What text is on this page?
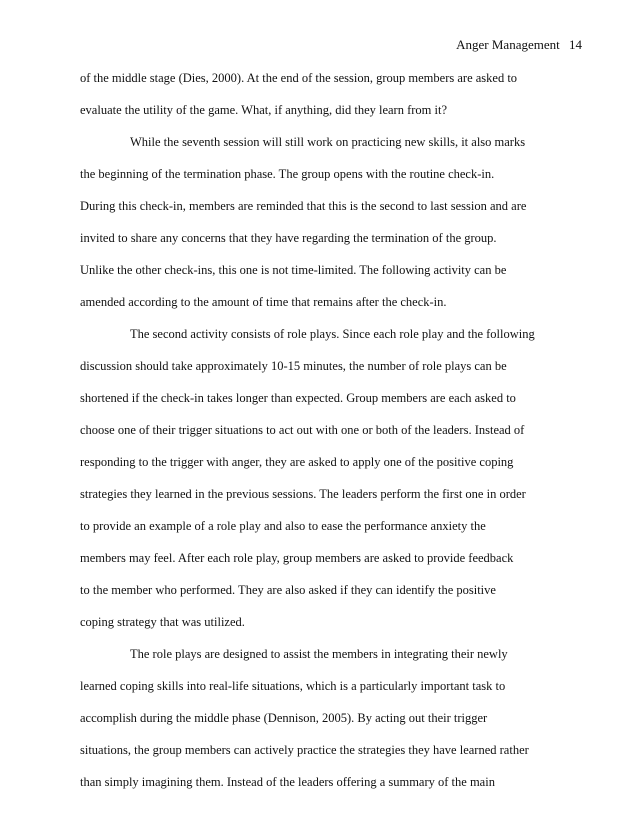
Anger Management 14
of the middle stage (Dies, 2000). At the end of the session, group members are asked to
evaluate the utility of the game. What, if anything, did they learn from it?
While the seventh session will still work on practicing new skills, it also marks
the beginning of the termination phase. The group opens with the routine check-in.
During this check-in, members are reminded that this is the second to last session and are
invited to share any concerns that they have regarding the termination of the group.
Unlike the other check-ins, this one is not time-limited. The following activity can be
amended according to the amount of time that remains after the check-in.
The second activity consists of role plays. Since each role play and the following
discussion should take approximately 10-15 minutes, the number of role plays can be
shortened if the check-in takes longer than expected. Group members are each asked to
choose one of their trigger situations to act out with one or both of the leaders. Instead of
responding to the trigger with anger, they are asked to apply one of the positive coping
strategies they learned in the previous sessions. The leaders perform the first one in order
to provide an example of a role play and also to ease the performance anxiety the
members may feel. After each role play, group members are asked to provide feedback
to the member who performed. They are also asked if they can identify the positive
coping strategy that was utilized.
The role plays are designed to assist the members in integrating their newly
learned coping skills into real-life situations, which is a particularly important task to
accomplish during the middle phase (Dennison, 2005). By acting out their trigger
situations, the group members can actively practice the strategies they have learned rather
than simply imagining them. Instead of the leaders offering a summary of the main
